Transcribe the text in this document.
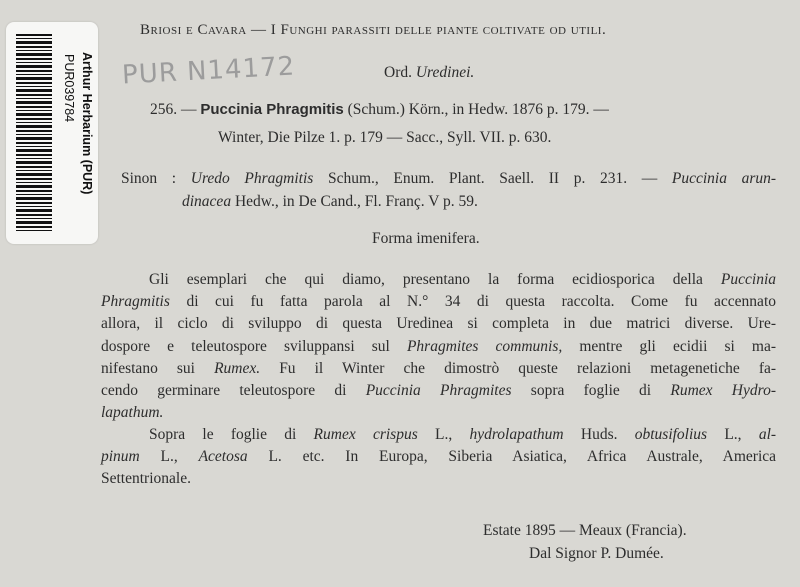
PUR039784 Arthur Herbarium (PUR)
Briosi e Cavara — I Funghi parassiti delle piante coltivate od utili.
PUR N14172	Ord. Uredinei.
256. — Puccinia Phragmitis (Schum.) Körn., in Hedw. 1876 p. 179. —
Winter, Die Pilze 1. p. 179 — Sacc., Syll. VII. p. 630.
Sinon : Uredo Phragmitis Schum., Enum. Plant. Saell. II p. 231. — Puccinia arun-
dinacea Hedw., in De Cand., Fl. Franç. V p. 59.
Forma imenifera.
Gli esemplari che qui diamo, presentano la forma ecidiosporica della Puccinia
Phragmitis di cui fu fatta parola al N.° 34 di questa raccolta. Come fu accennato
allora, il ciclo di sviluppo di questa Uredinea si completa in due matrici diverse. Ure-
dospore e teleutospore sviluppansi sul Phragmites communis, mentre gli ecidii si ma-
nifestano sui Rumex. Fu il Winter che dimostrò queste relazioni metagenetiche fa-
cendo germinare teleutospore di Puccinia Phragmites sopra foglie di Rumex Hydro-
lapathum.
Sopra le foglie di Rumex crispus L., hydrolapathum Huds. obtusifolius L., al-
pinum L., Acetosa L. etc. In Europa, Siberia Asiatica, Africa Australe, America
Settentrionale.
Estate 1895 — Meaux (Francia).
Dal Signor P. Dumée.
